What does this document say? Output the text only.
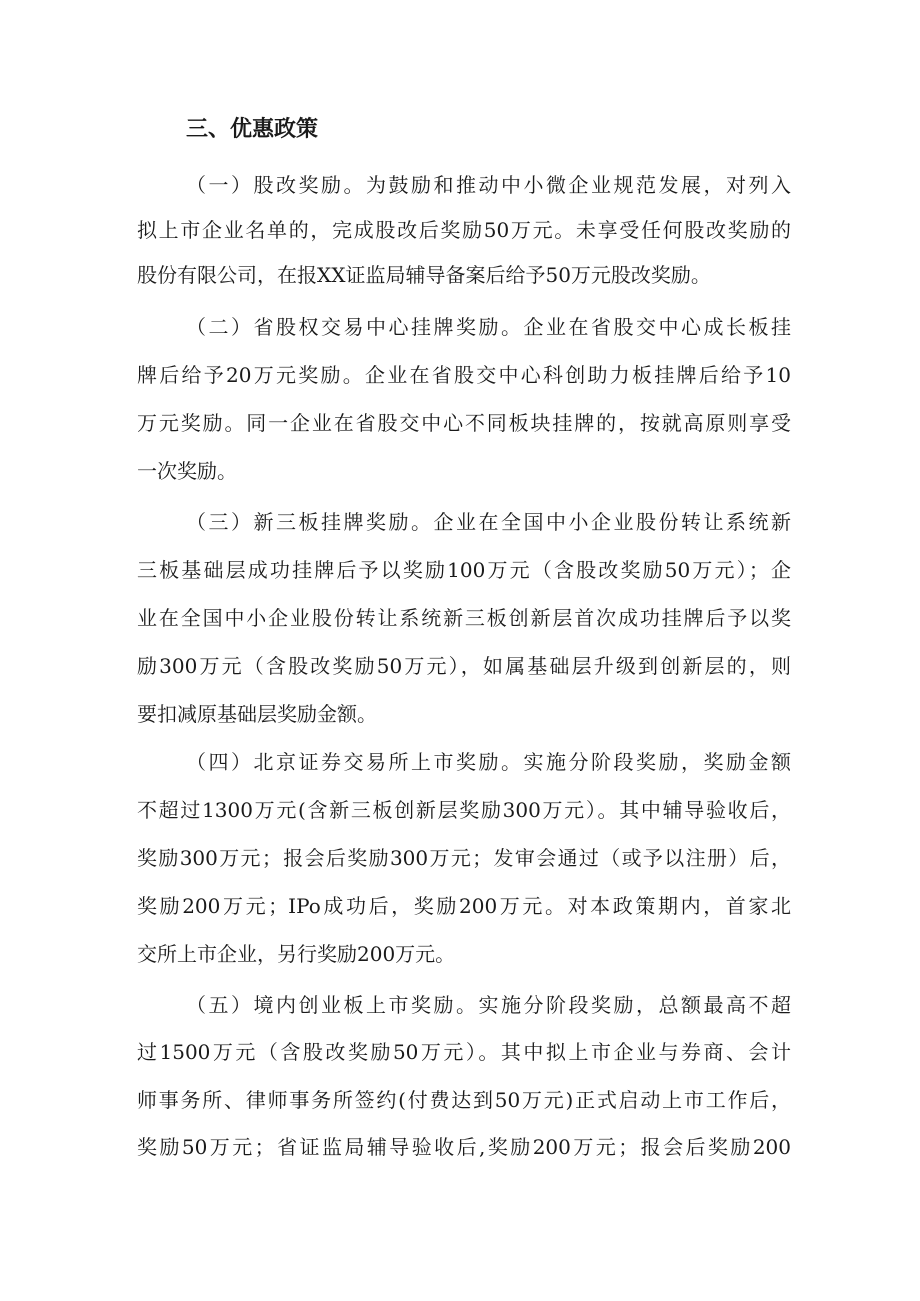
三、优惠政策

（一）股改奖励。为鼓励和推动中小微企业规范发展，对列入

拟上市企业名单的，完成股改后奖励50万元。未享受任何股改奖励的

股份有限公司，在报XX证监局辅导备案后给予50万元股改奖励。

（二）省股权交易中心挂牌奖励。企业在省股交中心成长板挂

牌后给予20万元奖励。企业在省股交中心科创助力板挂牌后给予10

万元奖励。同一企业在省股交中心不同板块挂牌的，按就高原则享受

一次奖励。

（三）新三板挂牌奖励。企业在全国中小企业股份转让系统新

三板基础层成功挂牌后予以奖励100万元（含股改奖励50万元）；企

业在全国中小企业股份转让系统新三板创新层首次成功挂牌后予以奖

励300万元（含股改奖励50万元），如属基础层升级到创新层的，则

要扣减原基础层奖励金额。

（四）北京证券交易所上市奖励。实施分阶段奖励，奖励金额

不超过1300万元(含新三板创新层奖励300万元）。其中辅导验收后，

奖励300万元；报会后奖励300万元；发审会通过（或予以注册）后，

奖励200万元；IPo成功后，奖励200万元。对本政策期内，首家北

交所上市企业，另行奖励200万元。

（五）境内创业板上市奖励。实施分阶段奖励，总额最高不超

过1500万元（含股改奖励50万元）。其中拟上市企业与券商、会计

师事务所、律师事务所签约(付费达到50万元)正式启动上市工作后，

奖励50万元；省证监局辅导验收后,奖励200万元；报会后奖励200
